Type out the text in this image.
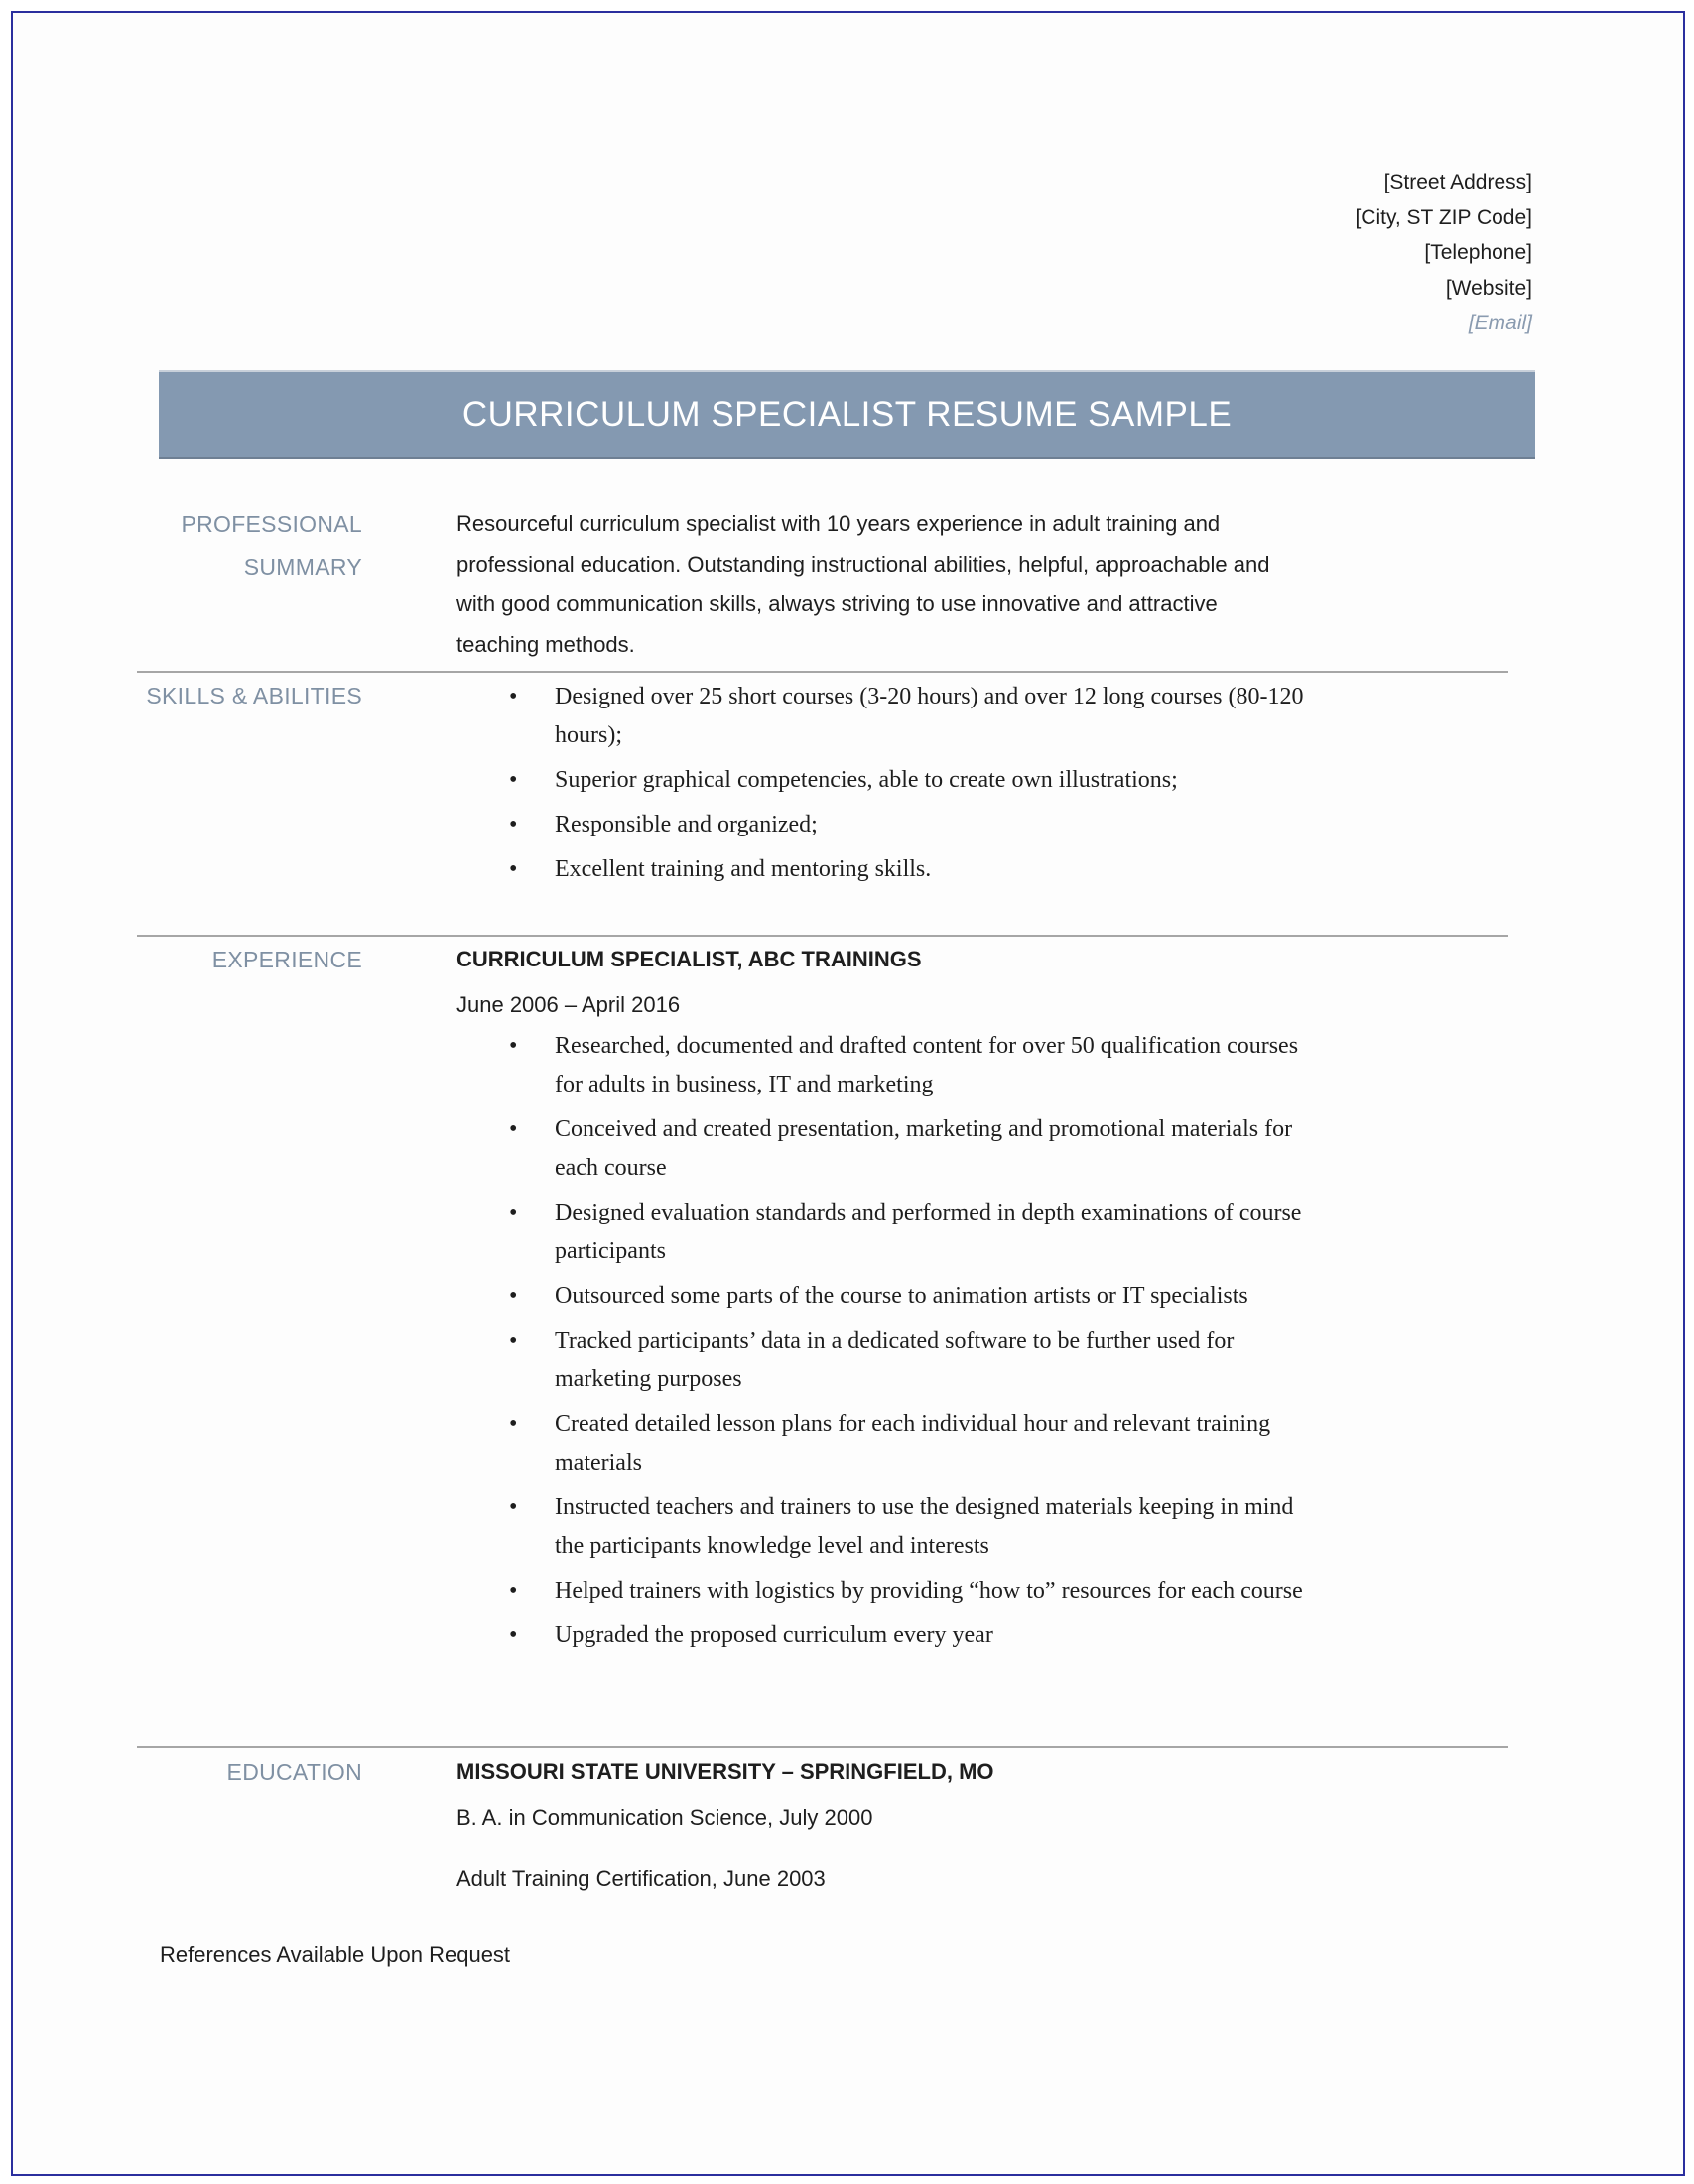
[Street Address]
[City, ST ZIP Code]
[Telephone]
[Website]
[Email]
CURRICULUM SPECIALIST RESUME SAMPLE
PROFESSIONAL
SUMMARY
Resourceful curriculum specialist with 10 years experience in adult training and professional education. Outstanding instructional abilities, helpful, approachable and with good communication skills, always striving to use innovative and attractive teaching methods.
SKILLS & ABILITIES	• Designed over 25 short courses (3-20 hours) and over 12 long courses (80-120 hours);
• Superior graphical competencies, able to create own illustrations;
• Responsible and organized;
• Excellent training and mentoring skills.
EXPERIENCE	CURRICULUM SPECIALIST, ABC TRAININGS
June 2006 – April 2016
• Researched, documented and drafted content for over 50 qualification courses for adults in business, IT and marketing
• Conceived and created presentation, marketing and promotional materials for each course
• Designed evaluation standards and performed in depth examinations of course participants
• Outsourced some parts of the course to animation artists or IT specialists
• Tracked participants’ data in a dedicated software to be further used for marketing purposes
• Created detailed lesson plans for each individual hour and relevant training materials
• Instructed teachers and trainers to use the designed materials keeping in mind the participants knowledge level and interests
• Helped trainers with logistics by providing “how to” resources for each course
• Upgraded the proposed curriculum every year
EDUCATION	MISSOURI STATE UNIVERSITY – SPRINGFIELD, MO
B. A. in Communication Science, July 2000
Adult Training Certification, June 2003
References Available Upon Request
